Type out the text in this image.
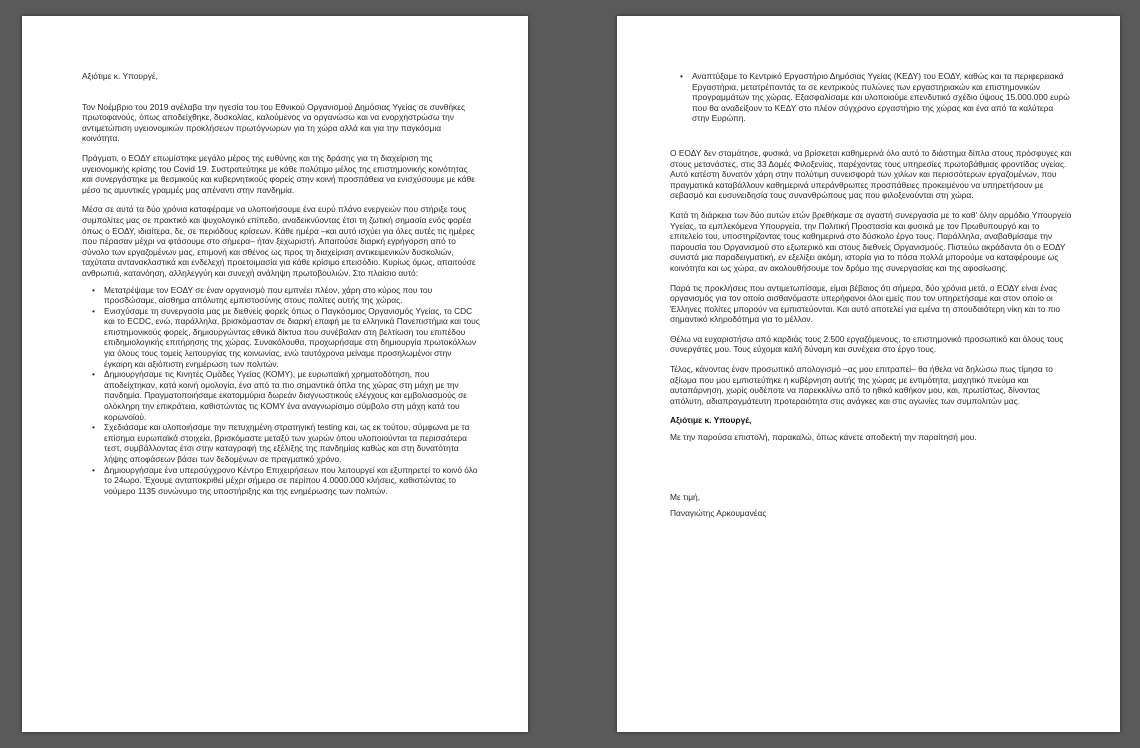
Αξιότιμε κ. Υπουργέ,

Τον Νοέμβριο του 2019 ανέλαβα την ηγεσία του του Εθνικού Οργανισμού Δημόσιας Υγείας σε συνθήκες πρωτοφανούς, όπως αποδείχθηκε, δυσκολίας, καλούμενος να οργανώσω και να ενορχηστρώσω την αντιμετώπιση υγειονομικών προκλήσεων πρωτόγνωρων για τη χώρα αλλά και για την παγκόσμια κοινότητα.

Πράγματι, ο ΕΟΔΥ επωμίστηκε μεγάλο μέρος της ευθύνης και της δράσης για τη διαχείριση της υγειονομικής κρίσης του Covid 19. Συστρατεύτηκε με κάθε πολύτιμο μέλος της επιστημονικής κοινότητας και συνεργάστηκε με θεσμικούς και κυβερνητικούς φορείς στην κοινή προσπάθεια να ενισχύσουμε με κάθε μέσο τις αμυντικές γραμμές μας απέναντι στην πανδημία.

Μέσα σε αυτά τα δύο χρόνια καταφέραμε να υλοποιήσουμε ένα ευρύ πλάνο ενεργειών που στήριξε τους συμπολίτες μας σε πρακτικό και ψυχολογικό επίπεδο, αναδεικνύοντας έτσι τη ζωτική σημασία ενός φορέα όπως ο ΕΟΔΥ, ιδιαίτερα, δε, σε περιόδους κρίσεων. Κάθε ημέρα –και αυτό ισχύει για όλες αυτές τις ημέρες που πέρασαν μέχρι να φτάσουμε στο σήμερα– ήταν ξεχωριστή. Απαιτούσε διαρκή εγρήγορση από το σύνολο των εργαζομένων μας, επιμονή και σθένος ως προς τη διαχείριση αντικειμενικών δυσκολιών, ταχύτατα αντανακλαστικά και ενδελεχή προετοιμασία για κάθε κρίσιμο επεισόδιο. Κυρίως όμως, απαιτούσε ανθρωπιά, κατανόηση, αλληλεγγύη και συνεχή ανάληψη πρωτοβουλιών. Στο πλαίσιο αυτό:

• Μετατρέψαμε τον ΕΟΔΥ σε έναν οργανισμό που εμπνέει πλέον, χάρη στο κύρος που του προσδώσαμε, αίσθημα απόλυτης εμπιστοσύνης στους πολίτες αυτής της χώρας.
• Ενισχύσαμε τη συνεργασία μας με διεθνείς φορείς όπως ο Παγκόσμιος Οργανισμός Υγείας, το CDC και το ECDC, ενώ, παράλληλα, βρισκόμασταν σε διαρκή επαφή με τα ελληνικά Πανεπιστήμια και τους επιστημονικούς φορείς, δημιουργώντας εθνικά δίκτυα που συνέβαλαν στη βελτίωση του επιπέδου επιδημιολογικής επιτήρησης της χώρας. Συνακόλουθα, προχωρήσαμε στη δημιουργία πρωτοκόλλων για όλους τους τομείς λειτουργίας της κοινωνίας, ενώ ταυτόχρονα μείναμε προσηλωμένοι στην έγκαιρη και αξιόπιστη ενημέρωση των πολιτών.
• Δημιουργήσαμε τις Κινητές Ομάδες Υγείας (ΚΟΜΥ), με ευρωπαϊκή χρηματοδότηση, που αποδείχτηκαν, κατά κοινή ομολογία, ένα από τα πιο σημαντικά όπλα της χώρας στη μάχη με την πανδημία. Πραγματοποιήσαμε εκατομμύρια δωρεάν διαγνωστικούς ελέγχους και εμβολιασμούς σε ολόκληρη την επικράτεια, καθιστώντας τις ΚΟΜΥ ένα αναγνωρίσιμο σύμβολο στη μάχη κατά του κορωνοϊού.
• Σχεδιάσαμε και υλοποιήσαμε την πετυχημένη στρατηγική testing και, ως εκ τούτου, σύμφωνα με τα επίσημα ευρωπαϊκά στοιχεία, βρισκόμαστε μεταξύ των χωρών όπου υλοποιούνται τα περισσότερα τεστ, συμβάλλοντας έτσι στην καταγραφή της εξέλιξης της πανδημίας καθώς και στη δυνατότητα λήψης αποφάσεων βάσει των δεδομένων σε πραγματικό χρόνο.
• Δημιουργήσαμε ένα υπερσύγχρονο Κέντρο Επιχειρήσεων που λειτουργεί και εξυπηρετεί το κοινό όλο το 24ωρο. Έχουμε ανταποκριθεί μέχρι σήμερα σε περίπου 4.0000.000 κλήσεις, καθιστώντας το νούμερο 1135 συνώνυμο της υποστήριξης και της ενημέρωσης των πολιτών.
• Αναπτύξαμε το Κεντρικό Εργαστήριο Δημόσιας Υγείας (ΚΕΔΥ) του ΕΟΔΥ, καθώς και τα περιφερειακά Εργαστήρια, μετατρέποντάς τα σε κεντρικούς πυλώνες των εργαστηριακών και επιστημονικών προγραμμάτων της χώρας. Εξασφαλίσαμε και υλοποιούμε επενδυτικό σχέδιο ύψους 15.000.000 ευρώ που θα αναδείξουν το ΚΕΔΥ στο πλέον σύγχρονο εργαστήριο της χώρας και ένα από τα καλύτερα στην Ευρώπη.

Ο ΕΟΔΥ δεν σταμάτησε, φυσικά, να βρίσκεται καθημερινά όλο αυτό το διάστημα δίπλα στους πρόσφυγες και στους μετανάστες, στις 33 Δομές Φιλοξενίας, παρέχοντας τους υπηρεσίες πρωτοβάθμιας φροντίδας υγείας. Αυτό κατέστη δυνατόν χάρη στην πολύτιμη συνεισφορά των χιλίων και περισσότερων εργαζομένων, που πραγματικά καταβάλλουν καθημερινά υπεράνθρωπες προσπάθειες προκειμένου να υπηρετήσουν με σεβασμό και ευσυνειδησία τους συνανθρώπους μας που φιλοξενούνται στη χώρα.

Κατά τη διάρκεια των δύο αυτών ετών βρεθήκαμε σε αγαστή συνεργασία με το καθ' όλην αρμόδιο Υπουργείο Υγείας, τα εμπλεκόμενα Υπουργεία, την Πολιτική Προστασία και φυσικά με τον Πρωθυπουργό και το επιτελείο του, υποστηρίζοντας τους καθημερινά στο δύσκολο έργο τους. Παράλληλα, αναβαθμίσαμε την παρουσία του Οργανισμού στο εξωτερικό και στους διεθνείς Οργανισμούς. Πιστεύω ακράδαντα ότι ο ΕΟΔΥ συνιστά μια παραδειγματική, εν εξελίξει ακόμη, ιστορία για το πόσα πολλά μπορούμε να καταφέρουμε ως κοινότητα και ως χώρα, αν ακολουθήσουμε τον δρόμο της συνεργασίας και της αφοσίωσης.

Παρά τις προκλήσεις που αντιμετωπίσαμε, είμαι βέβαιος ότι σήμερα, δύο χρόνια μετά, ο ΕΟΔΥ είναι ένας οργανισμός για τον οποίο αισθανόμαστε υπερήφανοι όλοι εμείς που τον υπηρετήσαμε και στον οποίο οι Έλληνες πολίτες μπορούν να εμπιστεύονται. Και αυτό αποτελεί για εμένα τη σπουδαιότερη νίκη και το πιο σημαντικό κληροδότημα για το μέλλον.

Θέλω να ευχαριστήσω από καρδιάς τους 2.500 εργαζόμενους, το επιστημονικό προσωπικό και όλους τους συνεργάτες μου. Τους εύχομαι καλή δύναμη και συνέχεια στο έργο τους.

Τέλος, κάνοντας έναν προσωπικό απολογισμό –ας μου επιτραπεί– θα ήθελα να δηλώσω πως τίμησα το αξίωμα που μου εμπιστεύτηκε η κυβέρνηση αυτής της χώρας με εντιμότητα, μαχητικό πνεύμα και αυταπάρνηση, χωρίς ουδέποτε να παρεκκλίνω από το ηθικό καθήκον μου, και, πρωτίστως, δίνοντας απόλυτη, αδιαπραγμάτευτη προτεραιότητα στις ανάγκες και στις αγωνίες των συμπολιτών μας.

Αξιότιμε κ. Υπουργέ,

Με την παρούσα επιστολή, παρακαλώ, όπως κάνετε αποδεκτή την παραίτησή μου.

Με τιμή,

Παναγιώτης Αρκουμανέας
